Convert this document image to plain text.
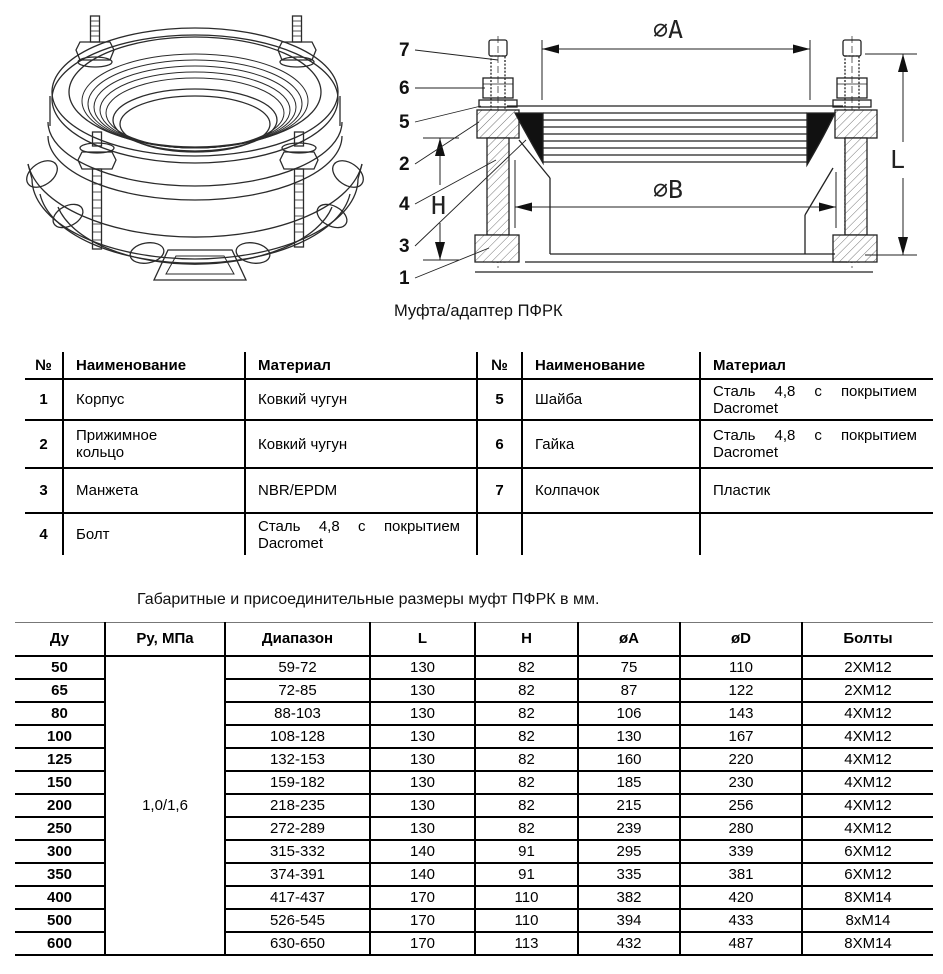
7
6
5
2
4
3
1
∅A
∅B
L
H
Муфта/адаптер ПФРК
№	Наименование	Материал	№	Наименование	Материал
1	Корпус	Ковкий чугун	5	Шайба	Сталь 4,8 с покрытием Dacromet
2	Прижимное кольцо	Ковкий чугун	6	Гайка	Сталь 4,8 с покрытием Dacromet
3	Манжета	NBR/EPDM	7	Колпачок	Пластик
4	Болт	Сталь 4,8 с покрытием Dacromet			
Габаритные и присоединительные размеры муфт ПФРК в мм.
Ду	Ру, МПа	Диапазон	L	H	øA	øD	Болты
50	1,0/1,6	59-72	130	82	75	110	2XM12
65		72-85	130	82	87	122	2XM12
80		88-103	130	82	106	143	4XM12
100		108-128	130	82	130	167	4XM12
125		132-153	130	82	160	220	4XM12
150		159-182	130	82	185	230	4XM12
200		218-235	130	82	215	256	4XM12
250		272-289	130	82	239	280	4XM12
300		315-332	140	91	295	339	6XM12
350		374-391	140	91	335	381	6XM12
400		417-437	170	110	382	420	8XM14
500		526-545	170	110	394	433	8xM14
600		630-650	170	113	432	487	8XM14
